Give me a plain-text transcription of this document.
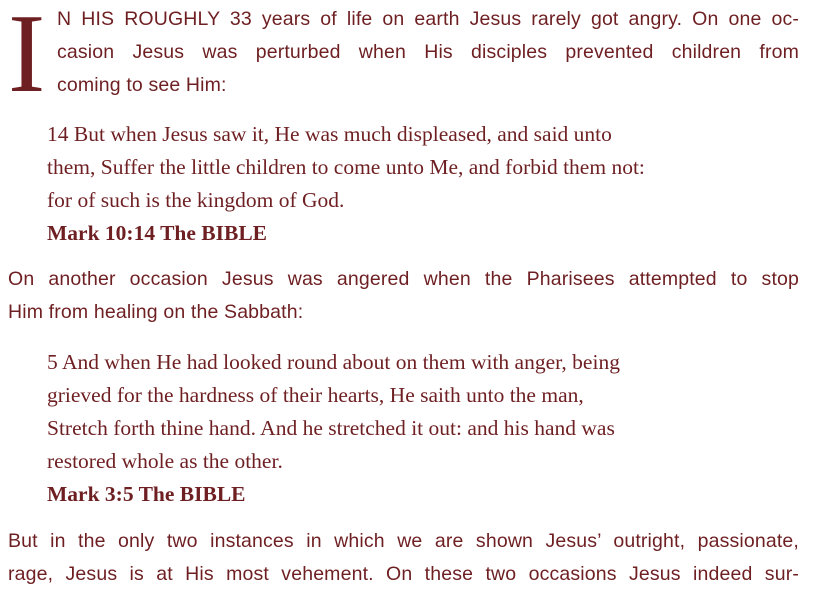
I N HIS ROUGHLY 33 years of life on earth Jesus rarely got angry. On one oc-
casion Jesus was perturbed when His disciples prevented children from
coming to see Him:
14 But when Jesus saw it, He was much displeased, and said unto
them, Suffer the little children to come unto Me, and forbid them not:
for of such is the kingdom of God.
Mark 10:14 The BIBLE
On another occasion Jesus was angered when the Pharisees attempted to stop
Him from healing on the Sabbath:
5 And when He had looked round about on them with anger, being
grieved for the hardness of their hearts, He saith unto the man,
Stretch forth thine hand. And he stretched it out: and his hand was
restored whole as the other.
Mark 3:5 The BIBLE
But in the only two instances in which we are shown Jesus’ outright, passionate,
rage, Jesus is at His most vehement. On these two occasions Jesus indeed sur-
